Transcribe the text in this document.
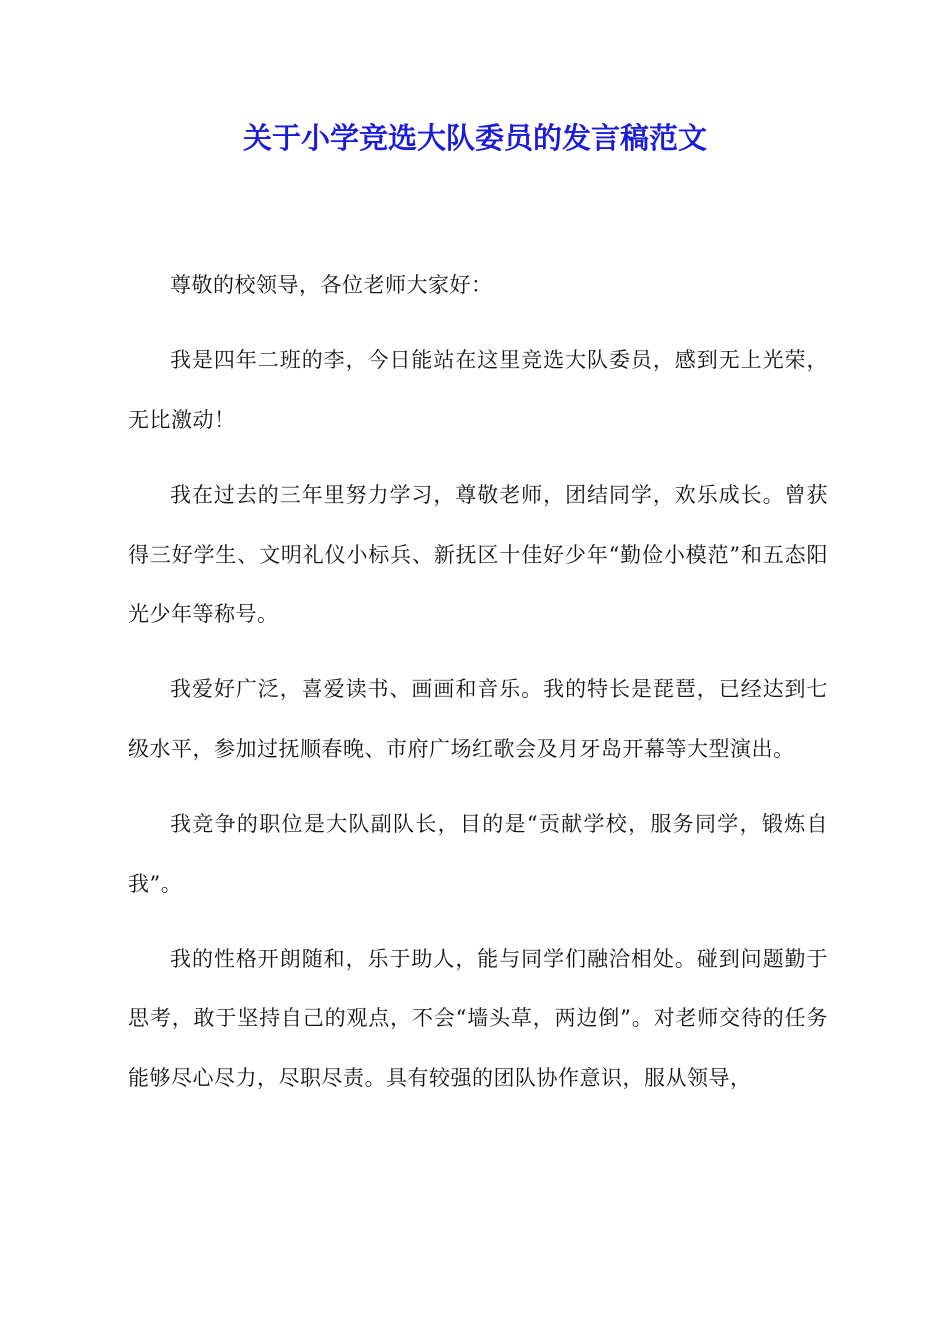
关于小学竞选大队委员的发言稿范文

尊敬的校领导，各位老师大家好：

我是四年二班的李，今日能站在这里竞选大队委员，感到无上光荣，无比激动！

我在过去的三年里努力学习，尊敬老师，团结同学，欢乐成长。曾获得三好学生、文明礼仪小标兵、新抚区十佳好少年“勤俭小模范”和五态阳光少年等称号。

我爱好广泛，喜爱读书、画画和音乐。我的特长是琵琶，已经达到七级水平，参加过抚顺春晚、市府广场红歌会及月牙岛开幕等大型演出。

我竞争的职位是大队副队长，目的是“贡献学校，服务同学，锻炼自我”。

我的性格开朗随和，乐于助人，能与同学们融洽相处。碰到问题勤于思考，敢于坚持自己的观点，不会“墙头草，两边倒”。对老师交待的任务能够尽心尽力，尽职尽责。具有较强的团队协作意识，服从领导，
